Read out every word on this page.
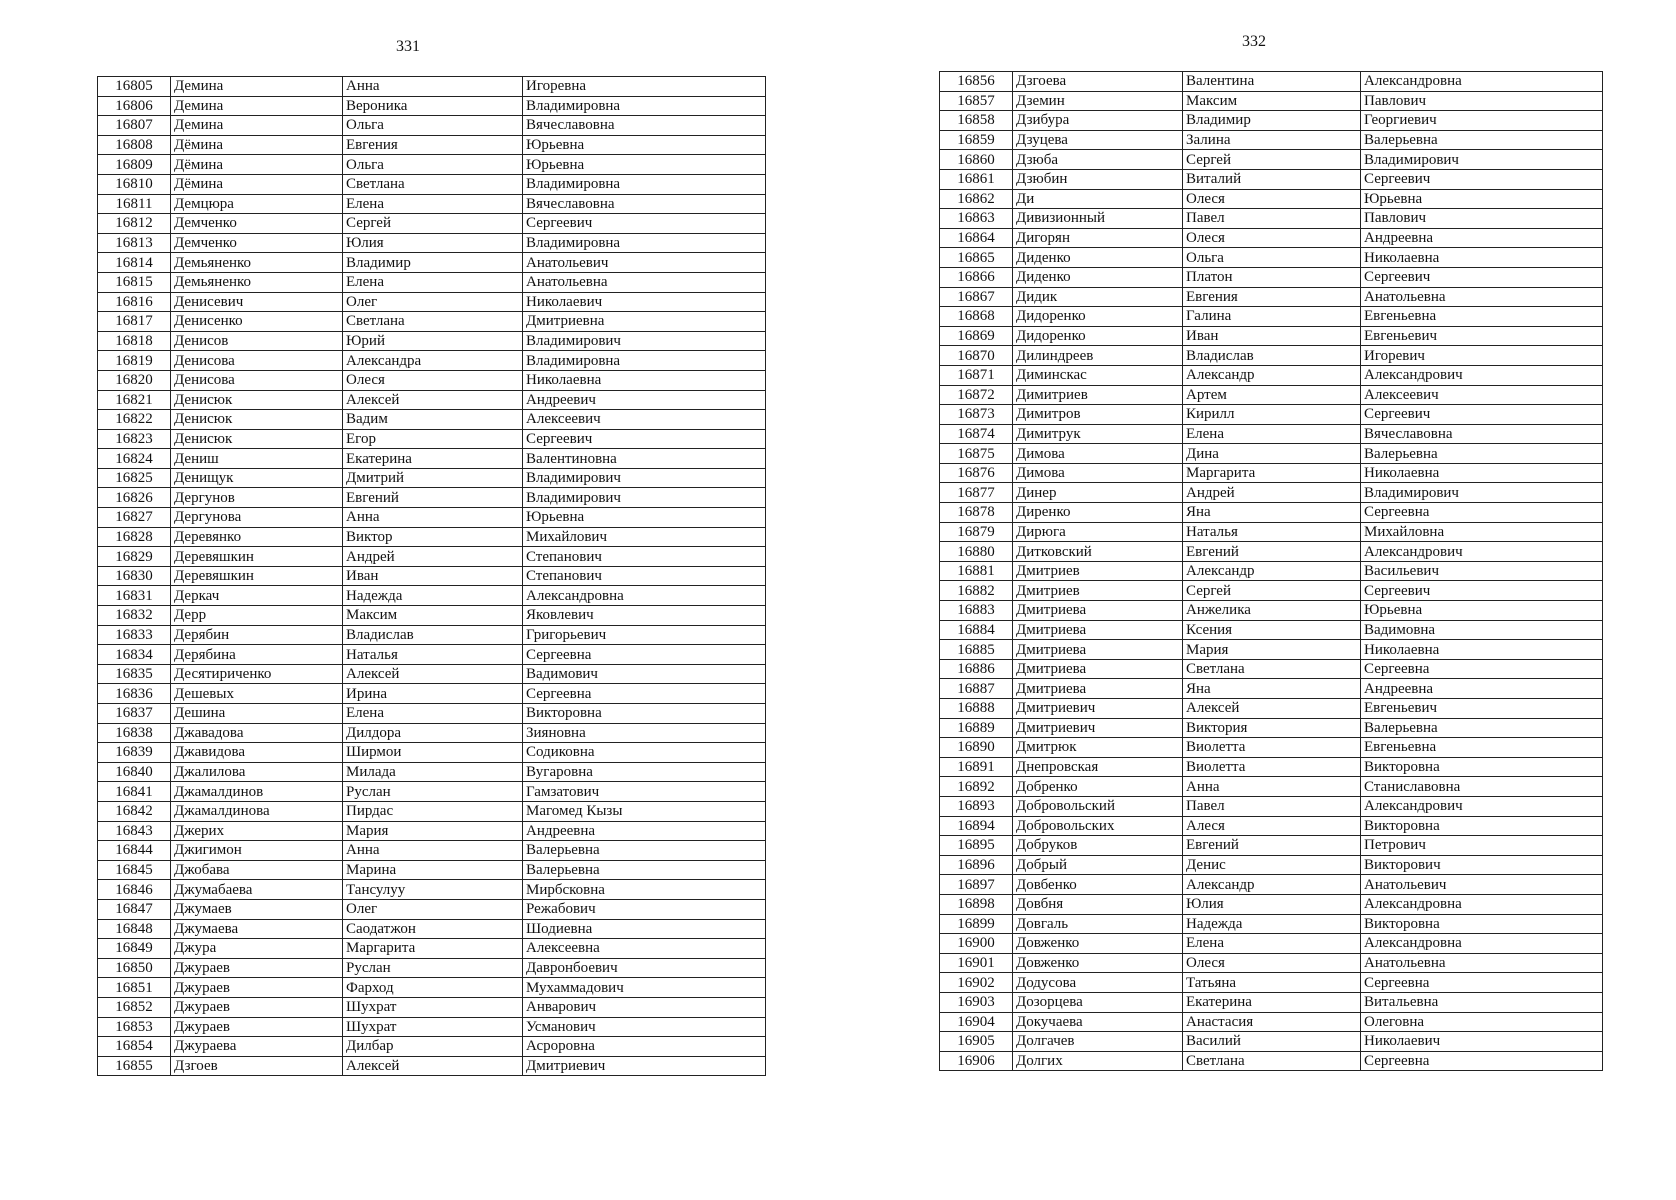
331
16805	Демина	Анна	Игоревна
16806	Демина	Вероника	Владимировна
16807	Демина	Ольга	Вячеславовна
16808	Дёмина	Евгения	Юрьевна
16809	Дёмина	Ольга	Юрьевна
16810	Дёмина	Светлана	Владимировна
16811	Демцюра	Елена	Вячеславовна
16812	Демченко	Сергей	Сергеевич
16813	Демченко	Юлия	Владимировна
16814	Демьяненко	Владимир	Анатольевич
16815	Демьяненко	Елена	Анатольевна
16816	Денисевич	Олег	Николаевич
16817	Денисенко	Светлана	Дмитриевна
16818	Денисов	Юрий	Владимирович
16819	Денисова	Александра	Владимировна
16820	Денисова	Олеся	Николаевна
16821	Денисюк	Алексей	Андреевич
16822	Денисюк	Вадим	Алексеевич
16823	Денисюк	Егор	Сергеевич
16824	Дениш	Екатерина	Валентиновна
16825	Денищук	Дмитрий	Владимирович
16826	Дергунов	Евгений	Владимирович
16827	Дергунова	Анна	Юрьевна
16828	Деревянко	Виктор	Михайлович
16829	Деревяшкин	Андрей	Степанович
16830	Деревяшкин	Иван	Степанович
16831	Деркач	Надежда	Александровна
16832	Дерр	Максим	Яковлевич
16833	Дерябин	Владислав	Григорьевич
16834	Дерябина	Наталья	Сергеевна
16835	Десятириченко	Алексей	Вадимович
16836	Дешевых	Ирина	Сергеевна
16837	Дешина	Елена	Викторовна
16838	Джавадова	Дилдора	Зияновна
16839	Джавидова	Ширмои	Содиковна
16840	Джалилова	Милада	Вугаровна
16841	Джамалдинов	Руслан	Гамзатович
16842	Джамалдинова	Пирдас	Магомед Кызы
16843	Джерих	Мария	Андреевна
16844	Джигимон	Анна	Валерьевна
16845	Джобава	Марина	Валерьевна
16846	Джумабаева	Тансулуу	Мирбсковна
16847	Джумаев	Олег	Режабович
16848	Джумаева	Саодатжон	Шодиевна
16849	Джура	Маргарита	Алексеевна
16850	Джураев	Руслан	Давронбоевич
16851	Джураев	Фарход	Мухаммадович
16852	Джураев	Шухрат	Анварович
16853	Джураев	Шухрат	Усманович
16854	Джураева	Дилбар	Асроровна
16855	Дзгоев	Алексей	Дмитриевич
332
16856	Дзгоева	Валентина	Александровна
16857	Дземин	Максим	Павлович
16858	Дзибура	Владимир	Георгиевич
16859	Дзуцева	Залина	Валерьевна
16860	Дзюба	Сергей	Владимирович
16861	Дзюбин	Виталий	Сергеевич
16862	Ди	Олеся	Юрьевна
16863	Дивизионный	Павел	Павлович
16864	Дигорян	Олеся	Андреевна
16865	Диденко	Ольга	Николаевна
16866	Диденко	Платон	Сергеевич
16867	Дидик	Евгения	Анатольевна
16868	Дидоренко	Галина	Евгеньевна
16869	Дидоренко	Иван	Евгеньевич
16870	Дилиндреев	Владислав	Игоревич
16871	Диминскас	Александр	Александрович
16872	Димитриев	Артем	Алексеевич
16873	Димитров	Кирилл	Сергеевич
16874	Димитрук	Елена	Вячеславовна
16875	Димова	Дина	Валерьевна
16876	Димова	Маргарита	Николаевна
16877	Динер	Андрей	Владимирович
16878	Диренко	Яна	Сергеевна
16879	Дирюга	Наталья	Михайловна
16880	Дитковский	Евгений	Александрович
16881	Дмитриев	Александр	Васильевич
16882	Дмитриев	Сергей	Сергеевич
16883	Дмитриева	Анжелика	Юрьевна
16884	Дмитриева	Ксения	Вадимовна
16885	Дмитриева	Мария	Николаевна
16886	Дмитриева	Светлана	Сергеевна
16887	Дмитриева	Яна	Андреевна
16888	Дмитриевич	Алексей	Евгеньевич
16889	Дмитриевич	Виктория	Валерьевна
16890	Дмитрюк	Виолетта	Евгеньевна
16891	Днепровская	Виолетта	Викторовна
16892	Добренко	Анна	Станиславовна
16893	Добровольский	Павел	Александрович
16894	Добровольских	Алеся	Викторовна
16895	Добруков	Евгений	Петрович
16896	Добрый	Денис	Викторович
16897	Довбенко	Александр	Анатольевич
16898	Довбня	Юлия	Александровна
16899	Довгаль	Надежда	Викторовна
16900	Довженко	Елена	Александровна
16901	Довженко	Олеся	Анатольевна
16902	Додусова	Татьяна	Сергеевна
16903	Дозорцева	Екатерина	Витальевна
16904	Докучаева	Анастасия	Олеговна
16905	Долгачев	Василий	Николаевич
16906	Долгих	Светлана	Сергеевна
